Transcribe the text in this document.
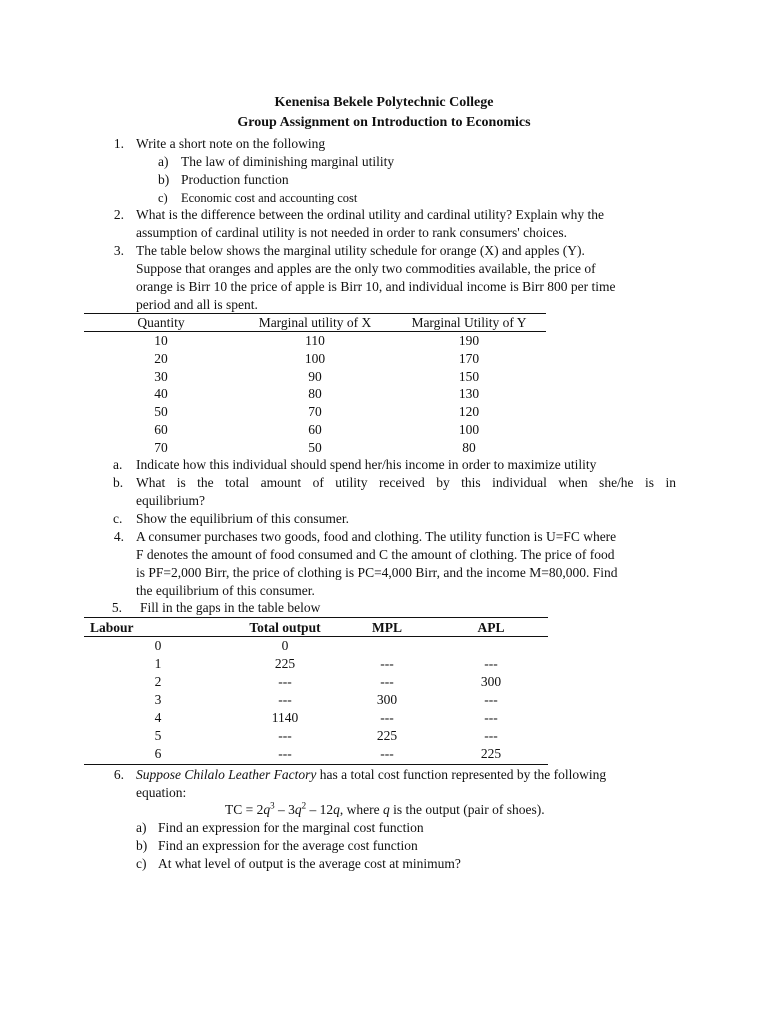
Kenenisa Bekele Polytechnic College
Group Assignment on Introduction to Economics
1. Write a short note on the following
a) The law of diminishing marginal utility
b) Production function
c) Economic cost and accounting cost
2. What is the difference between the ordinal utility and cardinal utility? Explain why the
assumption of cardinal utility is not needed in order to rank consumers' choices.
3. The table below shows the marginal utility schedule for orange (X) and apples (Y).
Suppose that oranges and apples are the only two commodities available, the price of
orange is Birr 10 the price of apple is Birr 10, and individual income is Birr 800 per time
period and all is spent.
Quantity	Marginal utility of X	Marginal Utility of Y
10	110	190
20	100	170
30	90	150
40	80	130
50	70	120
60	60	100
70	50	80
a. Indicate how this individual should spend her/his income in order to maximize utility
b. What is the total amount of utility received by this individual when she/he is in
equilibrium?
c. Show the equilibrium of this consumer.
4. A consumer purchases two goods, food and clothing. The utility function is U=FC where
F denotes the amount of food consumed and C the amount of clothing. The price of food
is PF=2,000 Birr, the price of clothing is PC=4,000 Birr, and the income M=80,000. Find
the equilibrium of this consumer.
5. Fill in the gaps in the table below
Labour	Total output	MPL	APL
0	0
1	225	---	---
2	---	---	300
3	---	300	---
4	1140	---	---
5	---	225	---
6	---	---	225
6. Suppose Chilalo Leather Factory has a total cost function represented by the following
equation:
TC = $2q^3 - 3q^2 - 12q$, where q is the output (pair of shoes).
a) Find an expression for the marginal cost function
b) Find an expression for the average cost function
c) At what level of output is the average cost at minimum?
